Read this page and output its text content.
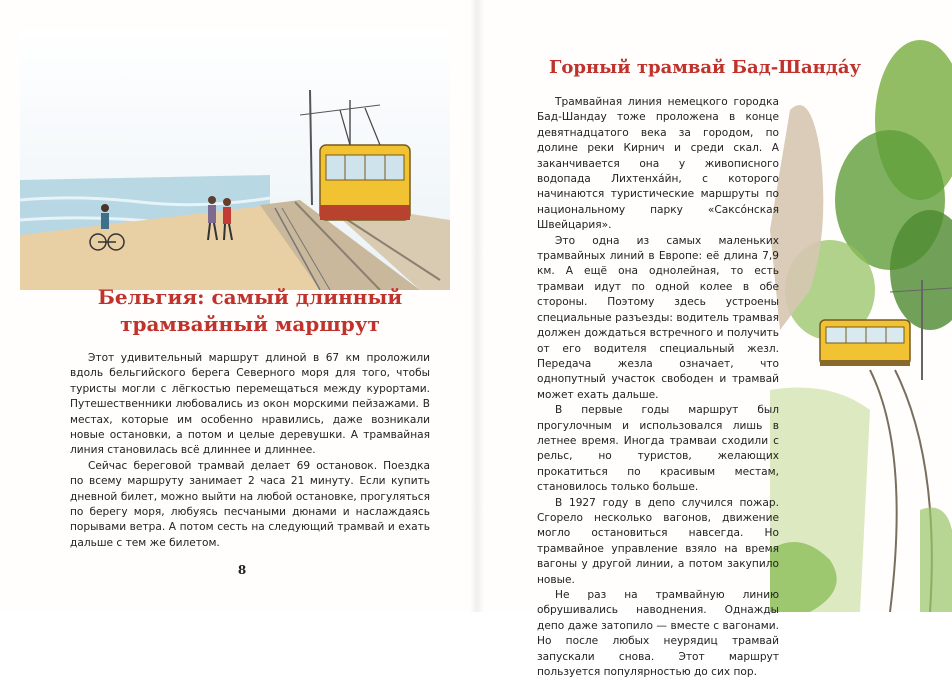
Бельгия: самый длинный
трамвайный маршрут

Этот удивительный маршрут длиной в 67 км проложили вдоль бельгийского берега Северного моря для того, чтобы туристы могли с лёгкостью перемещаться между курортами. Путешественники любовались из окон морскими пейзажами. В местах, которые им особенно нравились, даже возникали новые остановки, а потом и целые деревушки. А трамвайная линия становилась всё длиннее и длиннее.

Сейчас береговой трамвай делает 69 остановок. Поездка по всему маршруту занимает 2 часа 21 минуту. Если купить дневной билет, можно выйти на любой остановке, прогуляться по берегу моря, любуясь песчаными дюнами и наслаждаясь порывами ветра. А потом сесть на следующий трамвай и ехать дальше с тем же билетом.

8
Горный трамвай Бад-Шандáу

Трамвайная линия немецкого городка Бад-Шандау тоже проложена в конце девятнадцатого века за городом, по долине реки Кирнич и среди скал. А заканчивается она у живописного водопада Лихтенхáйн, с которого начинаются туристические маршруты по национальному парку «Саксóнская Швейцария».

Это одна из самых маленьких трамвайных линий в Европе: её длина 7,9 км. А ещё она однолейная, то есть трамваи идут по одной колее в обе стороны. Поэтому здесь устроены специальные разъезды: водитель трамвая должен дождаться встречного и получить от его водителя специальный жезл. Передача жезла означает, что однопутный участок свободен и трамвай может ехать дальше.

В первые годы маршрут был прогулочным и использовался лишь в летнее время. Иногда трамваи сходили с рельс, но туристов, желающих прокатиться по красивым местам, становилось только больше.

В 1927 году в депо случился пожар. Сгорело несколько вагонов, движение могло остановиться навсегда. Но трамвайное управление взяло на время вагоны у другой линии, а потом закупило новые.

Не раз на трамвайную линию обрушивались наводнения. Однажды депо даже затопило — вместе с вагонами. Но после любых неурядиц трамвай запускали снова. Этот маршрут пользуется популярностью до сих пор.
